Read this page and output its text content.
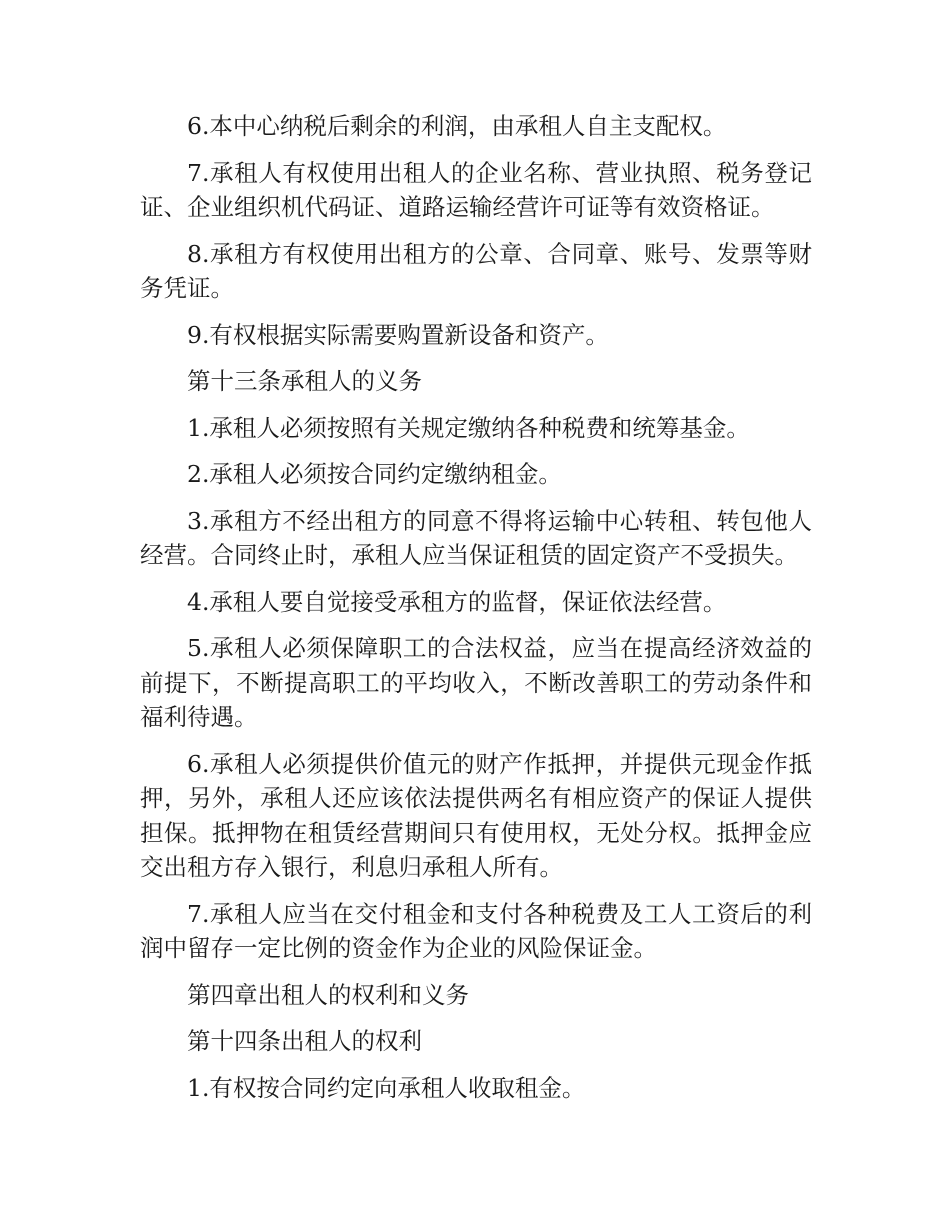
6.本中心纳税后剩余的利润，由承租人自主支配权。

7.承租人有权使用出租人的企业名称、营业执照、税务登记证、企业组织机代码证、道路运输经营许可证等有效资格证。

8.承租方有权使用出租方的公章、合同章、账号、发票等财务凭证。

9.有权根据实际需要购置新设备和资产。

第十三条承租人的义务

1.承租人必须按照有关规定缴纳各种税费和统筹基金。

2.承租人必须按合同约定缴纳租金。

3.承租方不经出租方的同意不得将运输中心转租、转包他人经营。合同终止时，承租人应当保证租赁的固定资产不受损失。

4.承租人要自觉接受承租方的监督，保证依法经营。

5.承租人必须保障职工的合法权益，应当在提高经济效益的前提下，不断提高职工的平均收入，不断改善职工的劳动条件和福利待遇。

6.承租人必须提供价值元的财产作抵押，并提供元现金作抵押，另外，承租人还应该依法提供两名有相应资产的保证人提供担保。抵押物在租赁经营期间只有使用权，无处分权。抵押金应交出租方存入银行，利息归承租人所有。

7.承租人应当在交付租金和支付各种税费及工人工资后的利润中留存一定比例的资金作为企业的风险保证金。

第四章出租人的权利和义务

第十四条出租人的权利

1.有权按合同约定向承租人收取租金。
